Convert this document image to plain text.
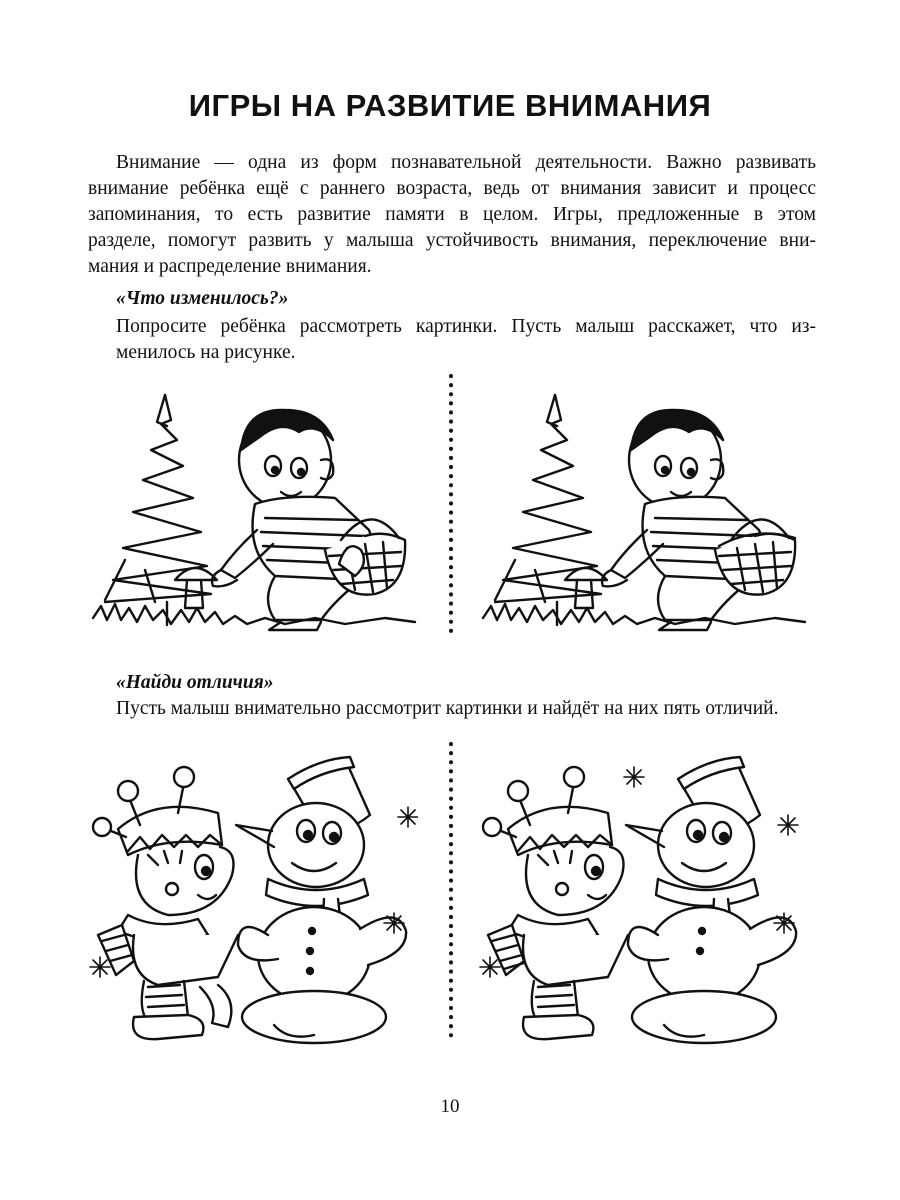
ИГРЫ НА РАЗВИТИЕ ВНИМАНИЯ

Внимание — одна из форм познавательной деятельности. Важно развивать
внимание ребёнка ещё с раннего возраста, ведь от внимания зависит и процесс
запоминания, то есть развитие памяти в целом. Игры, предложенные в этом
разделе, помогут развить у малыша устойчивость внимания, переключение вни-
мания и распределение внимания.

«Что изменилось?»

Попросите ребёнка рассмотреть картинки. Пусть малыш расскажет, что из-
менилось на рисунке.

«Найди отличия»

Пусть малыш внимательно рассмотрит картинки и найдёт на них пять отличий.

10
